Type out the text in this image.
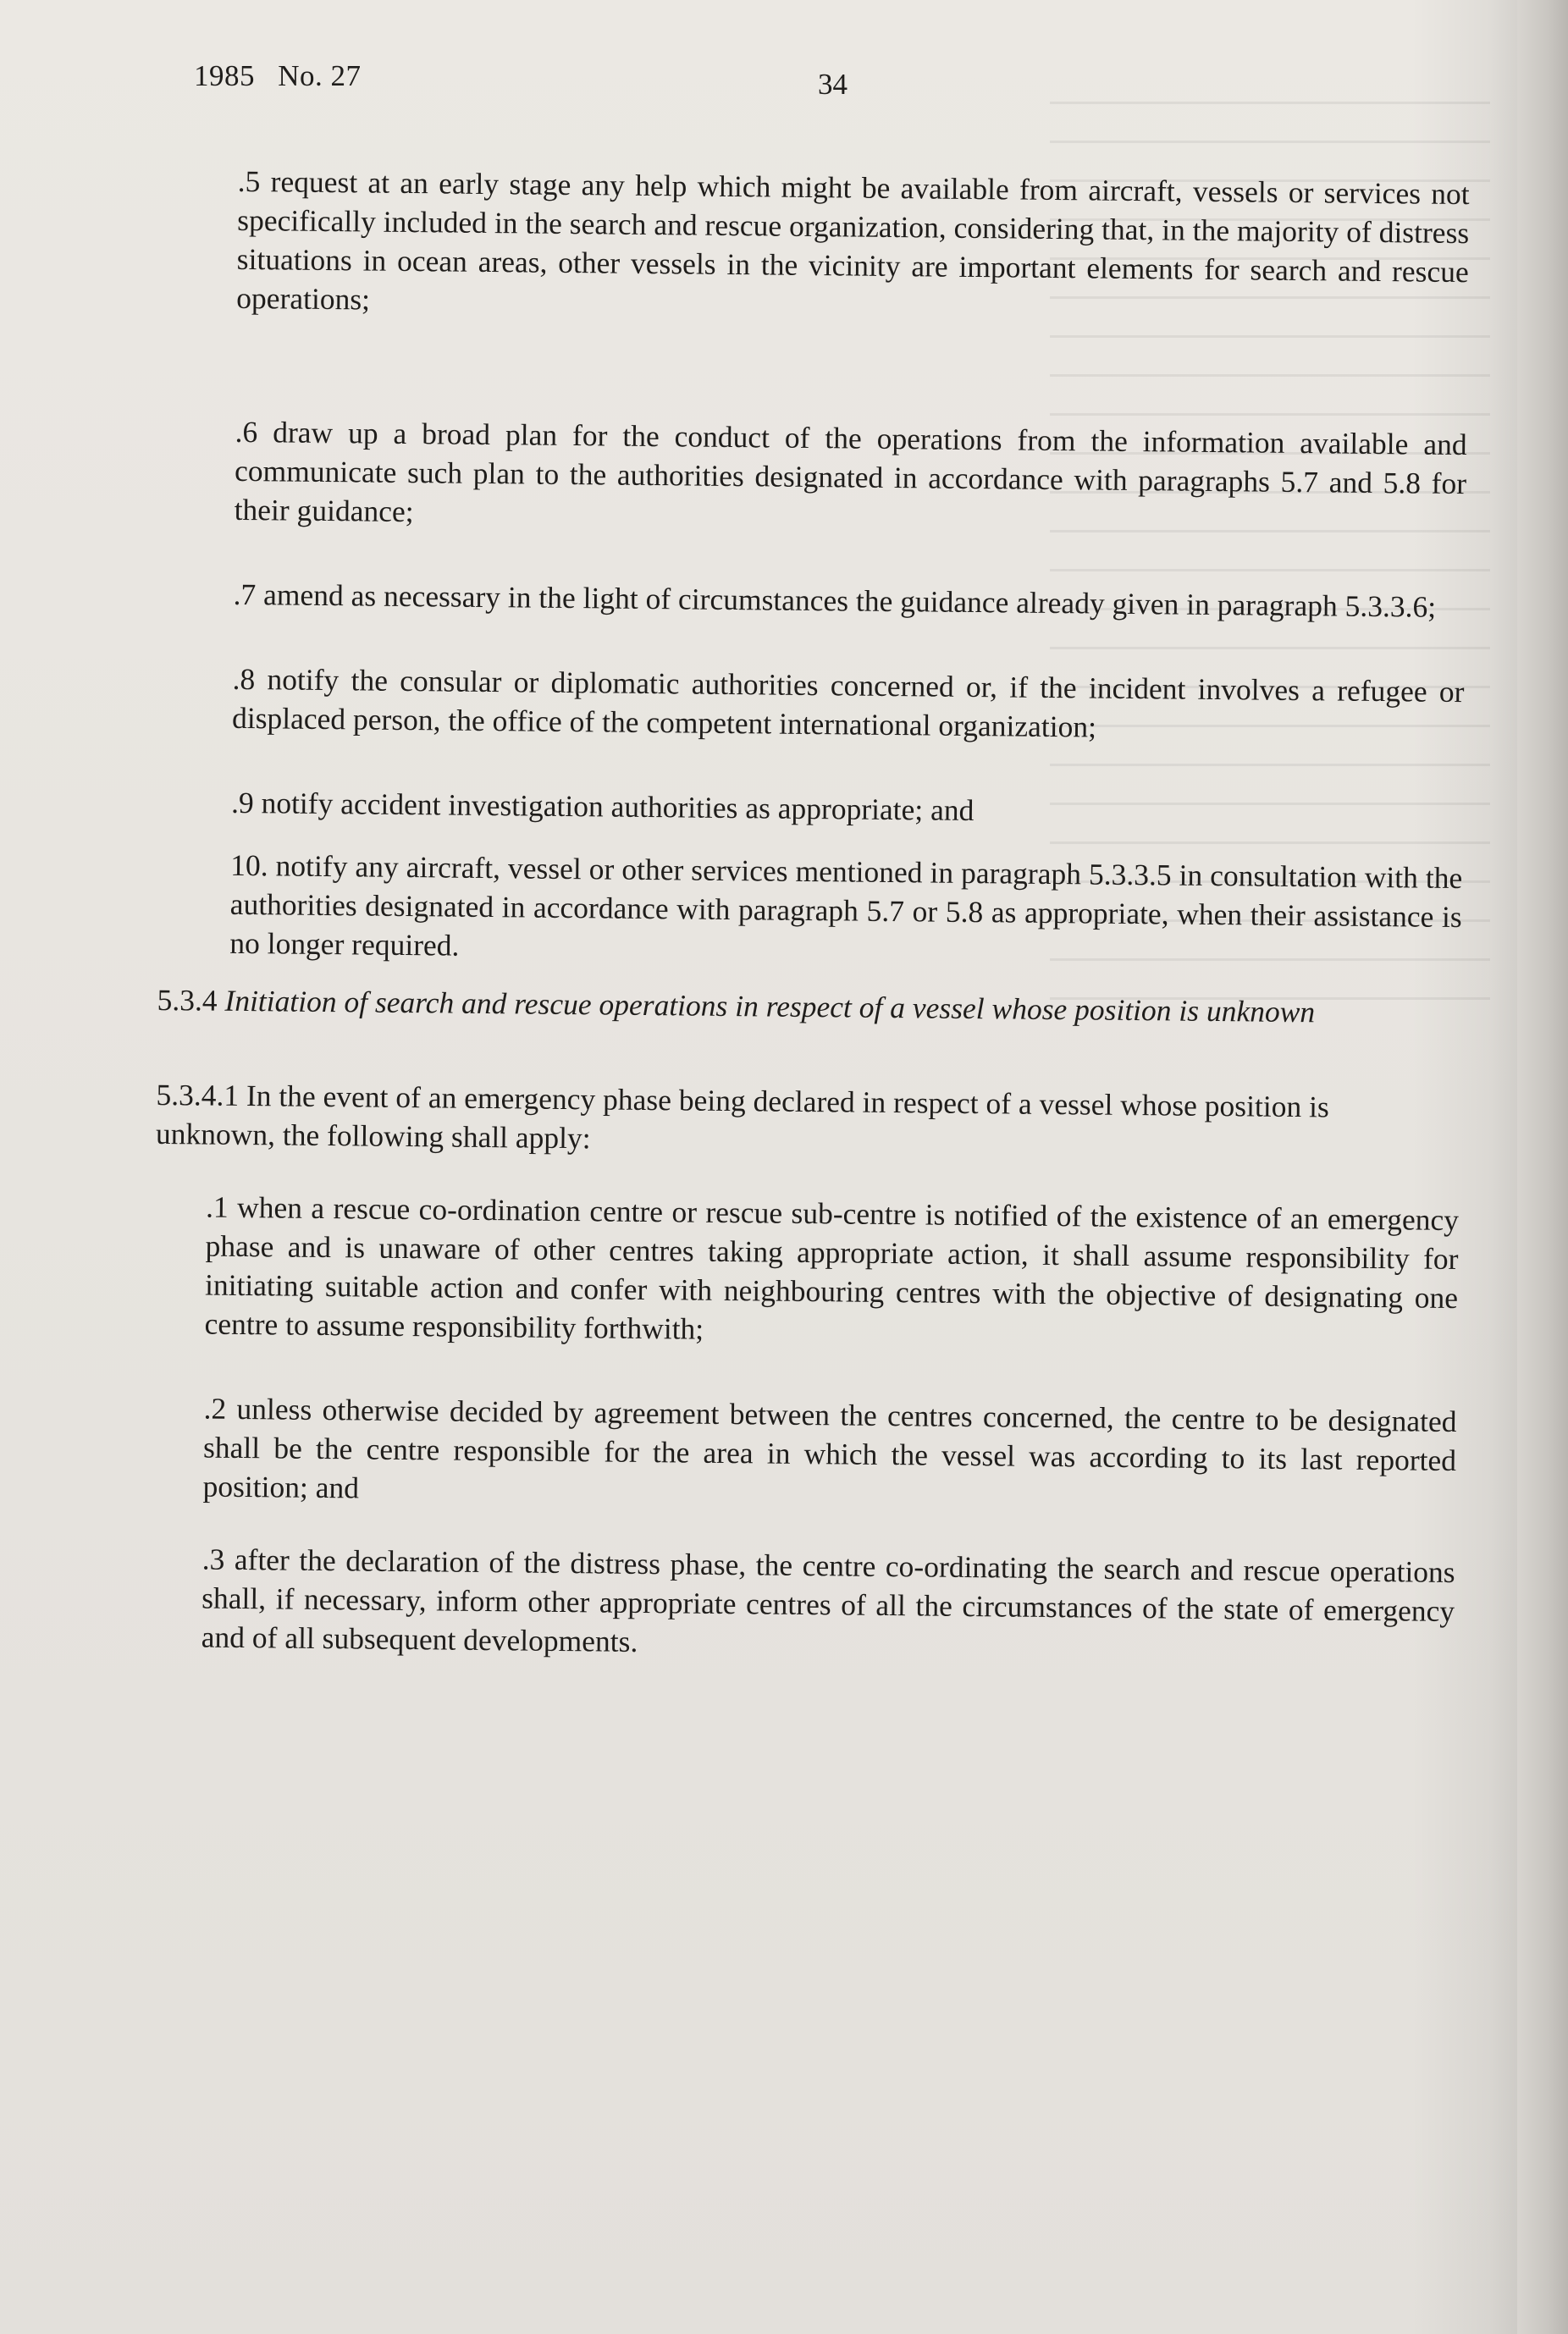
1985 No. 27	34

.5 request at an early stage any help which might be available from aircraft, vessels or services not specifically included in the search and rescue organization, considering that, in the majority of distress situations in ocean areas, other vessels in the vicinity are important elements for search and rescue operations;

.6 draw up a broad plan for the conduct of the operations from the information available and communicate such plan to the authorities designated in accordance with paragraphs 5.7 and 5.8 for their guidance;

.7 amend as necessary in the light of circumstances the guidance already given in paragraph 5.3.3.6;

.8 notify the consular or diplomatic authorities concerned or, if the incident involves a refugee or displaced person, the office of the competent international organization;

.9 notify accident investigation authorities as appropriate; and

10. notify any aircraft, vessel or other services mentioned in paragraph 5.3.3.5 in consultation with the authorities designated in accordance with paragraph 5.7 or 5.8 as appropriate, when their assistance is no longer required.

5.3.4 Initiation of search and rescue operations in respect of a vessel whose position is unknown

5.3.4.1 In the event of an emergency phase being declared in respect of a vessel whose position is unknown, the following shall apply:

.1 when a rescue co-ordination centre or rescue sub-centre is notified of the existence of an emergency phase and is unaware of other centres taking appropriate action, it shall assume responsibility for initiating suitable action and confer with neighbouring centres with the objective of designating one centre to assume responsibility forthwith;

.2 unless otherwise decided by agreement between the centres concerned, the centre to be designated shall be the centre responsible for the area in which the vessel was according to its last reported position; and

.3 after the declaration of the distress phase, the centre co-ordinating the search and rescue operations shall, if necessary, inform other appropriate centres of all the circumstances of the state of emergency and of all subsequent developments.
